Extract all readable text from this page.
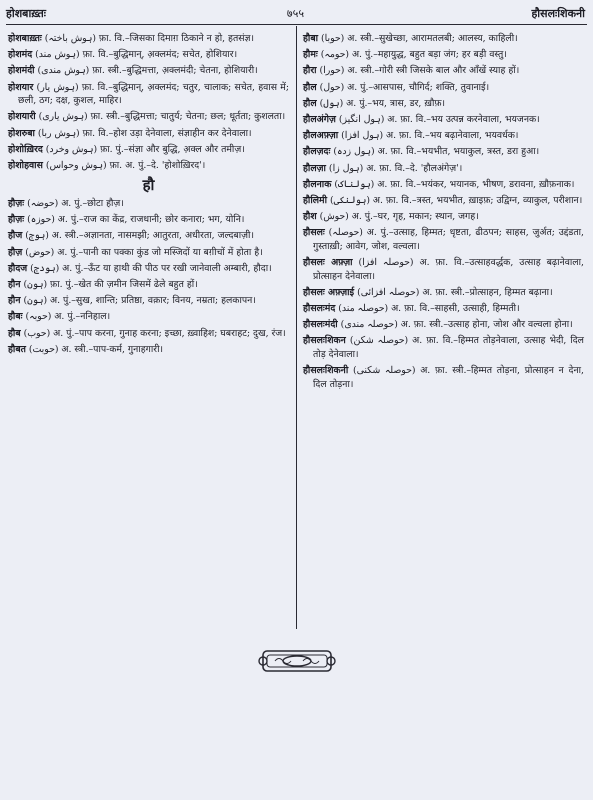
होशबाख़्तः	७५५	हौसलःशिकनी
होशबाख़्तः (ہوش باختہ) फ़ा. वि.–जिसका दिमाग़ ठिकाने न हो, हतसंज्ञ।
होशमंद (ہوش مند) फ़ा. वि.–बुद्धिमान्, अ़क्लमंद; सचेत, होशियार।
होशमंदी (ہوش مندی) फ़ा. स्त्री.–बुद्धिमत्ता, अ़क्लमंदी; चेतना, होशियारी।
होशयार (ہوش یار) फ़ा. वि.–बुद्धिमान्, अ़क्लमंद; चतुर, चालाक; सचेत, हवास में; छली, ठग; दक्ष, कुशल, माहिर।
होशयारी (ہوش یاری) फ़ा. स्त्री.–बुद्धिमत्ता; चातुर्य; चेतना; छल; धूर्तता; कुशलता।
होशरुबा (ہوش ربا) फ़ा. वि.–होश उड़ा देनेवाला, संज्ञाहीन कर देनेवाला।
होशोख़िरद (ہوش وخرد) फ़ा. पुं.–संज्ञा और बुद्धि, अ़क्ल और तमीज़।
होशोहवास (ہوش وحواس) फ़ा. अ. पुं.–दे. 'होशोख़िरद'।
हौ
हौज़ः (حوضہ) अ. पुं.–छोटा हौज़।
हौज़ः (حوزہ) अ. पुं.–राज का केंद्र, राजधानी; छोर कनारा; भग, योनि।
हौज (ہوج) अ. स्त्री.–अज्ञानता, नासमझी; आतुरता, अधीरता, जल्दबाज़ी।
हौज़ (حوض) अ. पुं.–पानी का पक्का कुंड जो मस्जिदों या बग़ीचों में होता है।
हौदज (ہودج) अ. पुं.–ऊँट या हाथी की पीठ पर रखी जानेवाली अम्बारी, हौदा।
हौन (ہون) फ़ा. पुं.–खेत की ज़मीन जिसमें ढेले बहुत हों।
हौन (ہون) अ. पुं.–सुख, शान्ति; प्रतिष्ठा, वक़ार; विनय, नम्रता; हलकापन।
हौबः (حوبہ) अ. पुं.–ननिहाल।
हौब (حوب) अ. पुं.–पाप करना, गुनाह करना; इच्छा, ख़्वाहिश; घबराहट; दुख, रंज।
हौबत (حوبت) अ. स्त्री.–पाप-कर्म, गुनाहगारी।
हौबा (حوبا) अ. स्त्री.–सुखेच्छा, आरामतलबी; आलस्य, काहिली।
हौमः (حومہ) अ. पुं.–महायुद्ध, बहुत बड़ा जंग; हर बड़ी वस्तु।
हौरा (حورا) अ. स्त्री.–गोरी स्त्री जिसके बाल और आँखें स्याह हों।
हौल (حول) अ. पुं.–आसपास, चौगिर्द; शक्ति, तुवानाई।
हौल (ہول) अ. पुं.–भय, त्रास, डर, ख़ौफ़।
हौलअंगेज़ (ہول انگیز) अ. फ़ा. वि.–भय उत्पन्न करनेवाला, भयजनक।
हौलअफ़्ज़ा (ہول افزا) अ. फ़ा. वि.–भय बढ़ानेवाला, भयवर्धक।
हौलज़दः (ہول زدہ) अ. फ़ा. वि.–भयभीत, भयाकुल, त्रस्त, डरा हुआ।
हौलज़ा (ہول زا) अ. फ़ा. वि.–दे. 'हौलअंगेज़'।
हौलनाक (ہولناک) अ. फ़ा. वि.–भयंकर, भयानक, भीषण, डरावना, ख़ौफ़नाक।
हौलिमी (ہولنکی) अ. फ़ा. वि.–त्रस्त, भयभीत, ख़ाइफ़; उद्विग्न, व्याकुल, परीशान।
हौश (حوش) अ. पुं.–घर, गृह, मकान; स्थान, जगह।
हौसलः (حوصلہ) अ. पुं.–उत्साह, हिम्मत; धृष्टता, ढीठपन; साहस, जुर्अत; उद्दंडता, गुस्ताख़ी; आवेग, जोश, वल्वला।
हौसलः अफ़्ज़ा (حوصلہ افزا) अ. फ़ा. वि.–उत्साहवर्द्धक, उत्साह बढ़ानेवाला, प्रोत्साहन देनेवाला।
हौसलः अफ़्ज़ाई (حوصلہ افزائی) अ. फ़ा. स्त्री.–प्रोत्साहन, हिम्मत बढ़ाना।
हौसलःमंद (حوصلہ مند) अ. फ़ा. वि.–साहसी, उत्साही, हिम्मती।
हौसलःमंदी (حوصلہ مندی) अ. फ़ा. स्त्री.–उत्साह होना, जोश और वल्वला होना।
हौसलःशिकन (حوصلہ شکن) अ. फ़ा. वि.–हिम्मत तोड़नेवाला, उत्साह भेदी, दिल तोड़ देनेवाला।
हौसलःशिकनी (حوصلہ شکنی) अ. फ़ा. स्त्री.–हिम्मत तोड़ना, प्रोत्साहन न देना, दिल तोड़ना।
